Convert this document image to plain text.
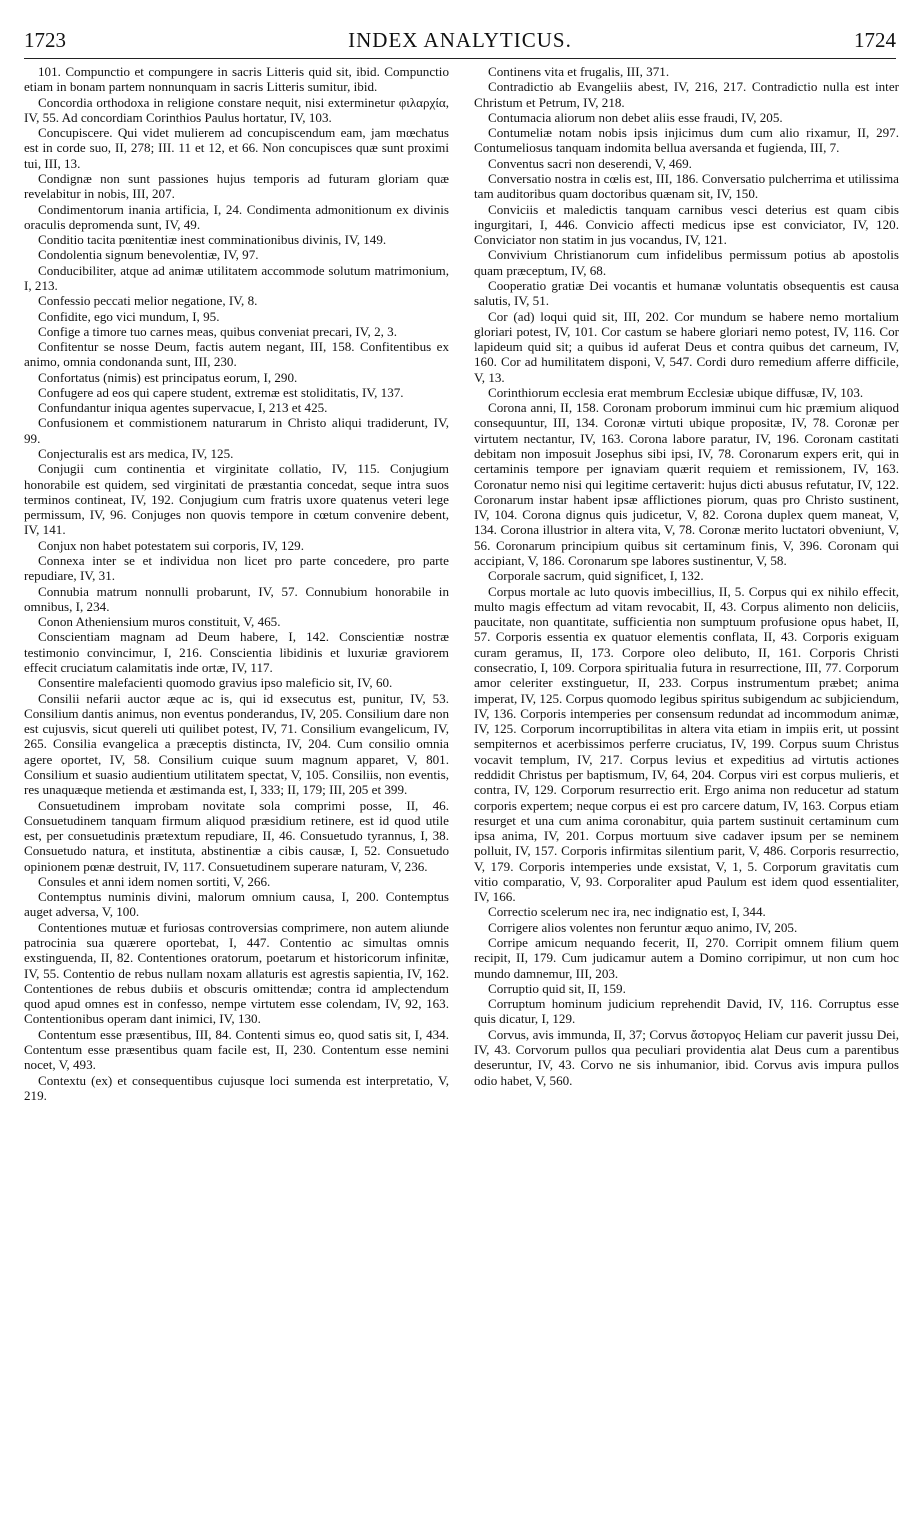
1723	INDEX ANALYTICUS.	1724

101. Compunctio et compungere in sacris Litteris quid sit, ibid. Compunctio etiam in bonam partem nonnunquam in sacris Litteris sumitur, ibid.

Concordia orthodoxa in religione constare nequit, nisi exterminetur φιλαρχία, IV, 55. Ad concordiam Corinthios Paulus hortatur, IV, 103.

Concupiscere. Qui videt mulierem ad concupiscendum eam, jam mœchatus est in corde suo, II, 278; III. 11 et 12, et 66. Non concupisces quæ sunt proximi tui, III, 13.

Condignæ non sunt passiones hujus temporis ad futuram gloriam quæ revelabitur in nobis, III, 207.

Condimentorum inania artificia, I, 24. Condimenta admonitionum ex divinis oraculis depromenda sunt, IV, 49.

Conditio tacita pœnitentiæ inest comminationibus divinis, IV, 149.

Condolentia signum benevolentiæ, IV, 97.

Conducibiliter, atque ad animæ utilitatem accommode solutum matrimonium, I, 213.

Confessio peccati melior negatione, IV, 8.

Confidite, ego vici mundum, I, 95.

Confige a timore tuo carnes meas, quibus conveniat precari, IV, 2, 3.

Confitentur se nosse Deum, factis autem negant, III, 158. Confitentibus ex animo, omnia condonanda sunt, III, 230.

Confortatus (nimis) est principatus eorum, I, 290.

Confugere ad eos qui capere student, extremæ est stoliditatis, IV, 137.

Confundantur iniqua agentes supervacue, I, 213 et 425.

Confusionem et commistionem naturarum in Christo aliqui tradiderunt, IV, 99.

Conjecturalis est ars medica, IV, 125.

Conjugii cum continentia et virginitate collatio, IV, 115. Conjugium honorabile est quidem, sed virginitati de præstantia concedat, seque intra suos terminos contineat, IV, 192. Conjugium cum fratris uxore quatenus veteri lege permissum, IV, 96. Conjuges non quovis tempore in cœtum convenire debent, IV, 141.

Conjux non habet potestatem sui corporis, IV, 129.

Connexa inter se et individua non licet pro parte concedere, pro parte repudiare, IV, 31.

Connubia matrum nonnulli probarunt, IV, 57. Connubium honorabile in omnibus, I, 234.

Conon Atheniensium muros constituit, V, 465.

Conscientiam magnam ad Deum habere, I, 142. Conscientiæ nostræ testimonio convincimur, I, 216. Conscientia libidinis et luxuriæ graviorem effecit cruciatum calamitatis inde ortæ, IV, 117.

Consentire malefacienti quomodo gravius ipso maleficio sit, IV, 60.

Consilii nefarii auctor æque ac is, qui id exsecutus est, punitur, IV, 53. Consilium dantis animus, non eventus ponderandus, IV, 205. Consilium dare non est cujusvis, sicut quereli uti quilibet potest, IV, 71. Consilium evangelicum, IV, 265. Consilia evangelica a præceptis distincta, IV, 204. Cum consilio omnia agere oportet, IV, 58. Consilium cuique suum magnum apparet, V, 801. Consilium et suasio audientium utilitatem spectat, V, 105. Consiliis, non eventis, res unaquæque metienda et æstimanda est, I, 333; II, 179; III, 205 et 399.

Consuetudinem improbam novitate sola comprimi posse, II, 46. Consuetudinem tanquam firmum aliquod præsidium retinere, est id quod utile est, per consuetudinis prætextum repudiare, II, 46. Consuetudo tyrannus, I, 38. Consuetudo natura, et instituta, abstinentiæ a cibis causæ, I, 52. Consuetudo opinionem pœnæ destruit, IV, 117. Consuetudinem superare naturam, V, 236.

Consules et anni idem nomen sortiti, V, 266.

Contemptus numinis divini, malorum omnium causa, I, 200. Contemptus auget adversa, V, 100.

Contentiones mutuæ et furiosas controversias comprimere, non autem aliunde patrocinia sua quærere oportebat, I, 447. Contentio ac simultas omnis exstinguenda, II, 82. Contentiones oratorum, poetarum et historicorum infinitæ, IV, 55. Contentio de rebus nullam noxam allaturis est agrestis sapientia, IV, 162. Contentiones de rebus dubiis et obscuris omittendæ; contra id amplectendum quod apud omnes est in confesso, nempe virtutem esse colendam, IV, 92, 163. Contentionibus operam dant inimici, IV, 130.

Contentum esse præsentibus, III, 84. Contenti simus eo, quod satis sit, I, 434. Contentum esse præsentibus quam facile est, II, 230. Contentum esse nemini nocet, V, 493.

Contextu (ex) et consequentibus cujusque loci sumenda est interpretatio, V, 219.

Continens vita et frugalis, III, 371.

Contradictio ab Evangeliis abest, IV, 216, 217. Contradictio nulla est inter Christum et Petrum, IV, 218.

Contumacia aliorum non debet aliis esse fraudi, IV, 205.

Contumeliæ notam nobis ipsis injicimus dum cum alio rixamur, II, 297. Contumeliosus tanquam indomita bellua aversanda et fugienda, III, 7.

Conventus sacri non deserendi, V, 469.

Conversatio nostra in cœlis est, III, 186. Conversatio pulcherrima et utilissima tam auditoribus quam doctoribus quænam sit, IV, 150.

Conviciis et maledictis tanquam carnibus vesci deterius est quam cibis ingurgitari, I, 446. Convicio affecti medicus ipse est conviciator, IV, 120. Conviciator non statim in jus vocandus, IV, 121.

Convivium Christianorum cum infidelibus permissum potius ab apostolis quam præceptum, IV, 68.

Cooperatio gratiæ Dei vocantis et humanæ voluntatis obsequentis est causa salutis, IV, 51.

Cor (ad) loqui quid sit, III, 202. Cor mundum se habere nemo mortalium gloriari potest, IV, 101. Cor castum se habere gloriari nemo potest, IV, 116. Cor lapideum quid sit; a quibus id auferat Deus et contra quibus det carneum, IV, 160. Cor ad humilitatem disponi, V, 547. Cordi duro remedium afferre difficile, V, 13.

Corinthiorum ecclesia erat membrum Ecclesiæ ubique diffusæ, IV, 103.

Corona anni, II, 158. Coronam proborum imminui cum hic præmium aliquod consequuntur, III, 134. Coronæ virtuti ubique propositæ, IV, 78. Coronæ per virtutem nectantur, IV, 163. Corona labore paratur, IV, 196. Coronam castitati debitam non imposuit Josephus sibi ipsi, IV, 78. Coronarum expers erit, qui in certaminis tempore per ignaviam quærit requiem et remissionem, IV, 163. Coronatur nemo nisi qui legitime certaverit: hujus dicti abusus refutatur, IV, 122. Coronarum instar habent ipsæ afflictiones piorum, quas pro Christo sustinent, IV, 104. Corona dignus quis judicetur, V, 82. Corona duplex quem maneat, V, 134. Corona illustrior in altera vita, V, 78. Coronæ merito luctatori obveniunt, V, 56. Coronarum principium quibus sit certaminum finis, V, 396. Coronam qui accipiant, V, 186. Coronarum spe labores sustinentur, V, 58.

Corporale sacrum, quid significet, I, 132.

Corpus mortale ac luto quovis imbecillius, II, 5. Corpus qui ex nihilo effecit, multo magis effectum ad vitam revocabit, II, 43. Corpus alimento non deliciis, paucitate, non quantitate, sufficientia non sumptuum profusione opus habet, II, 57. Corporis essentia ex quatuor elementis conflata, II, 43. Corporis exiguam curam geramus, II, 173. Corpore oleo delibuto, II, 161. Corporis Christi consecratio, I, 109. Corpora spiritualia futura in resurrectione, III, 77. Corporum amor celeriter exstinguetur, II, 233. Corpus instrumentum præbet; anima imperat, IV, 125. Corpus quomodo legibus spiritus subigendum ac subjiciendum, IV, 136. Corporis intemperies per consensum redundat ad incommodum animæ, IV, 125. Corporum incorruptibilitas in altera vita etiam in impiis erit, ut possint sempiternos et acerbissimos perferre cruciatus, IV, 199. Corpus suum Christus vocavit templum, IV, 217. Corpus levius et expeditius ad virtutis actiones reddidit Christus per baptismum, IV, 64, 204. Corpus viri est corpus mulieris, et contra, IV, 129. Corporum resurrectio erit. Ergo anima non reducetur ad statum corporis expertem; neque corpus ei est pro carcere datum, IV, 163. Corpus etiam resurget et una cum anima coronabitur, quia partem sustinuit certaminum cum ipsa anima, IV, 201. Corpus mortuum sive cadaver ipsum per se neminem polluit, IV, 157. Corporis infirmitas silentium parit, V, 486. Corporis resurrectio, V, 179. Corporis intemperies unde exsistat, V, 1, 5. Corporum gravitatis cum vitio comparatio, V, 93. Corporaliter apud Paulum est idem quod essentialiter, IV, 166.

Correctio scelerum nec ira, nec indignatio est, I, 344.

Corrigere alios volentes non feruntur æquo animo, IV, 205.

Corripe amicum nequando fecerit, II, 270. Corripit omnem filium quem recipit, II, 179. Cum judicamur autem a Domino corripimur, ut non cum hoc mundo damnemur, III, 203.

Corruptio quid sit, II, 159.

Corruptum hominum judicium reprehendit David, IV, 116. Corruptus esse quis dicatur, I, 129.

Corvus, avis immunda, II, 37; Corvus ἄστοργος Heliam cur paverit jussu Dei, IV, 43. Corvorum pullos qua peculiari providentia alat Deus cum a parentibus deseruntur, IV, 43. Corvo ne sis inhumanior, ibid. Corvus avis impura pullos odio habet, V, 560.
